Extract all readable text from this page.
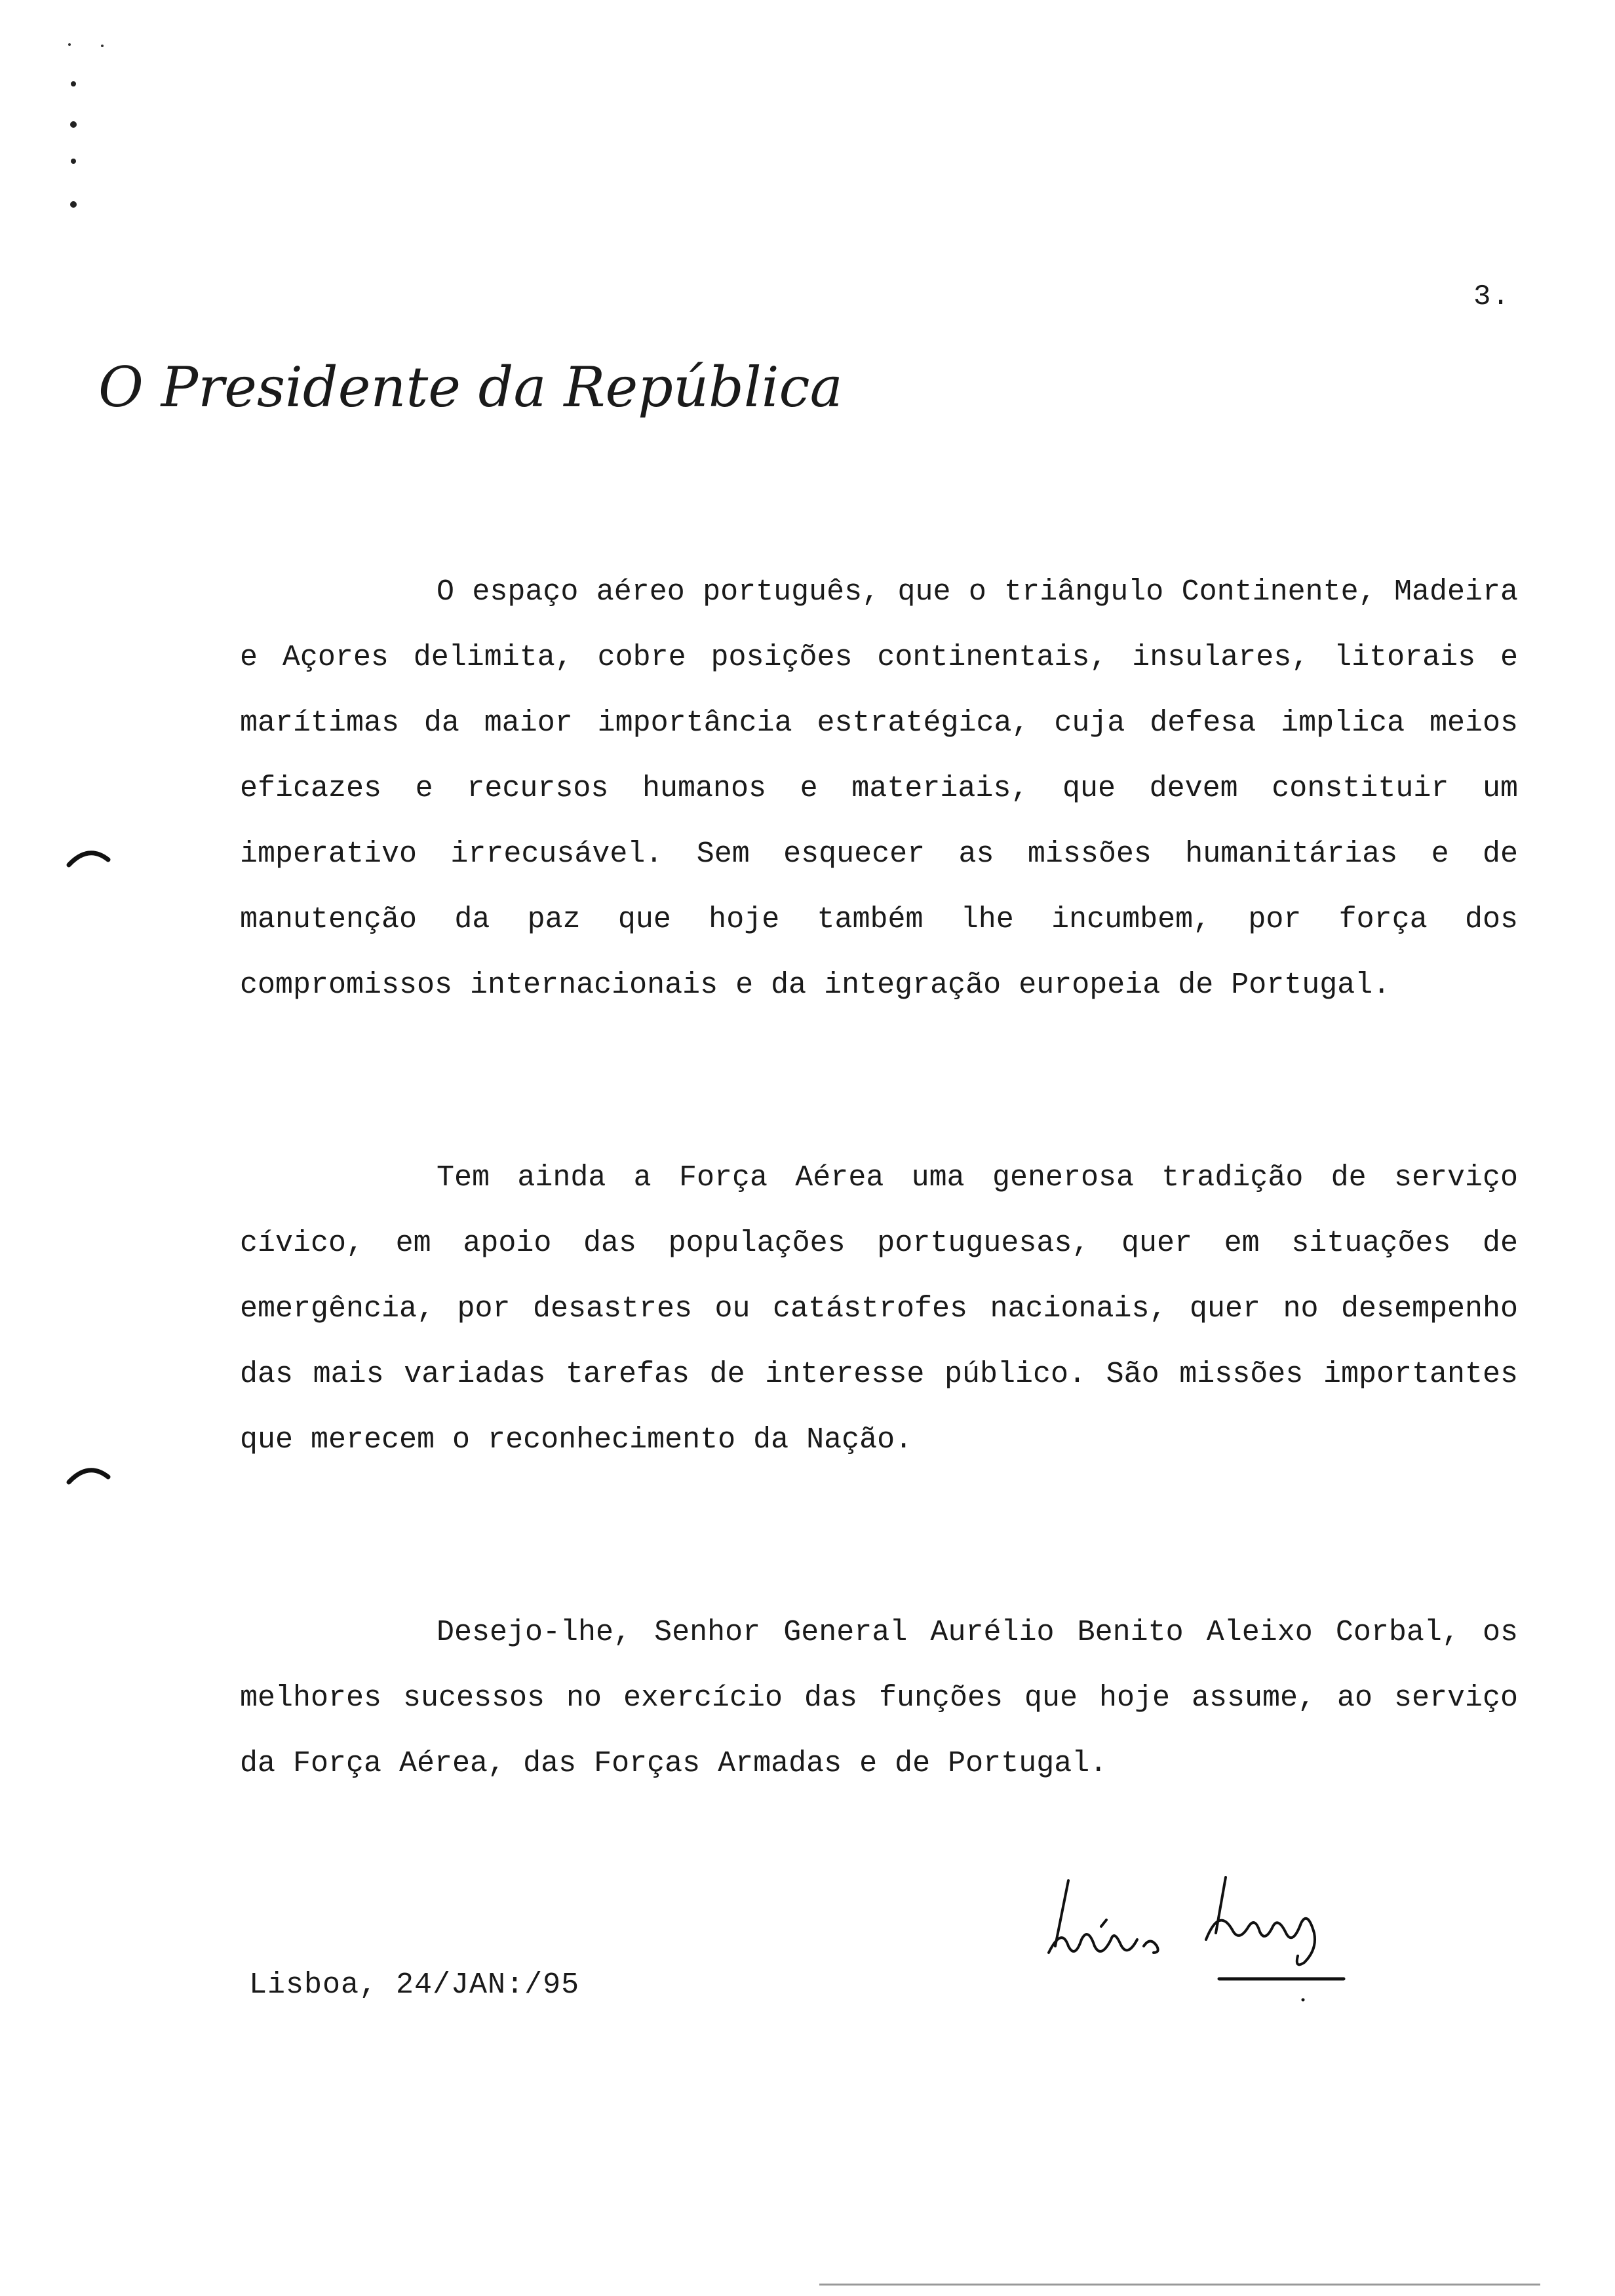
3.
O Presidente da República

O espaço aéreo português, que o triângulo Continente, Madeira e Açores delimita, cobre posições continentais, insulares, litorais e marítimas da maior importância estratégica, cuja defesa implica meios eficazes e recursos humanos e materiais, que devem constituir um imperativo irrecusável. Sem esquecer as missões humanitárias e de manutenção da paz que hoje também lhe incumbem, por força dos compromissos internacionais e da integração europeia de Portugal.

Tem ainda a Força Aérea uma generosa tradição de serviço cívico, em apoio das populações portuguesas, quer em situações de emergência, por desastres ou catástrofes nacionais, quer no desempenho das mais variadas tarefas de interesse público. São missões importantes que merecem o reconhecimento da Nação.

Desejo-lhe, Senhor General Aurélio Benito Aleixo Corbal, os melhores sucessos no exercício das funções que hoje assume, ao serviço da Força Aérea, das Forças Armadas e de Portugal.

Lisboa, 24/JAN:/95
